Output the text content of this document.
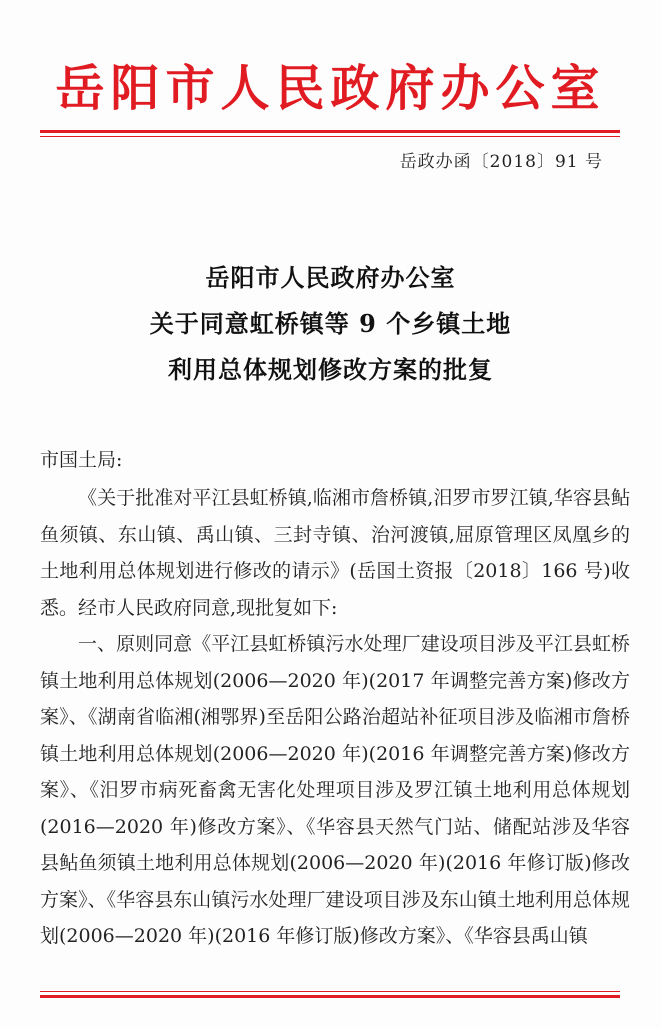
岳阳市人民政府办公室
岳政办函〔2018〕91 号
岳阳市人民政府办公室
关于同意虹桥镇等 9 个乡镇土地
利用总体规划修改方案的批复
市国土局:

《关于批准对平江县虹桥镇,临湘市詹桥镇,汨罗市罗江镇,华容县鲇鱼须镇、东山镇、禹山镇、三封寺镇、治河渡镇,屈原管理区凤凰乡的土地利用总体规划进行修改的请示》(岳国土资报〔2018〕166 号)收悉。经市人民政府同意,现批复如下:

一、原则同意《平江县虹桥镇污水处理厂建设项目涉及平江县虹桥镇土地利用总体规划(2006—2020 年)(2017 年调整完善方案)修改方案》、《湖南省临湘(湘鄂界)至岳阳公路治超站补征项目涉及临湘市詹桥镇土地利用总体规划(2006—2020 年)(2016 年调整完善方案)修改方案》、《汨罗市病死畜禽无害化处理项目涉及罗江镇土地利用总体规划(2016—2020 年)修改方案》、《华容县天然气门站、储配站涉及华容县鲇鱼须镇土地利用总体规划(2006—2020 年)(2016 年修订版)修改方案》、《华容县东山镇污水处理厂建设项目涉及东山镇土地利用总体规划(2006—2020 年)(2016 年修订版)修改方案》、《华容县禹山镇
